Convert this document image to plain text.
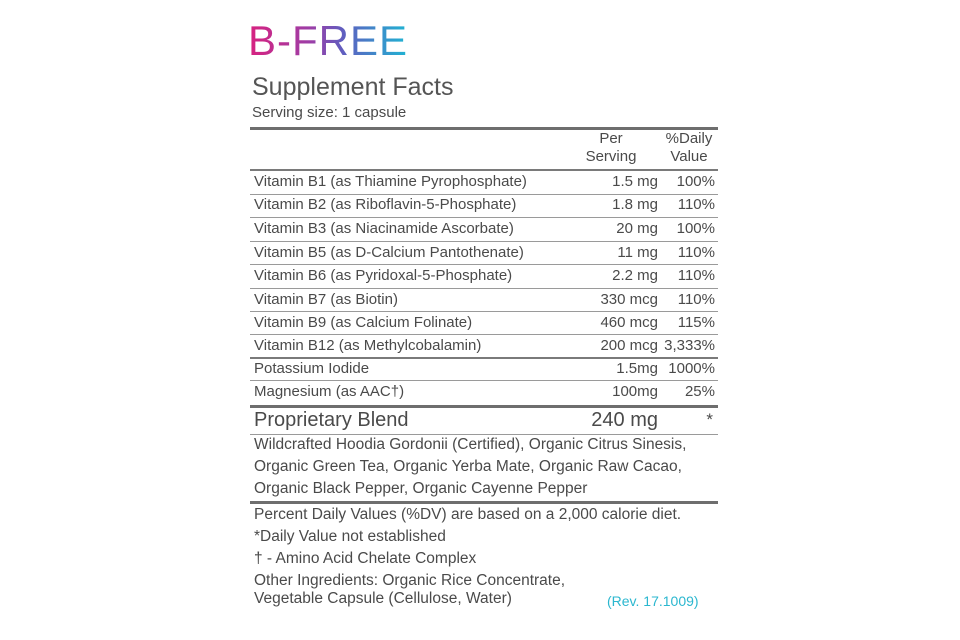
B-FREE
Supplement Facts
Serving size: 1 capsule
Per
Serving
%Daily
Value
Vitamin B1 (as Thiamine Pyrophosphate)	1.5 mg 100%
Vitamin B2 (as Riboflavin-5-Phosphate)	1.8 mg 110%
Vitamin B3 (as Niacinamide Ascorbate)	20 mg 100%
Vitamin B5 (as D-Calcium Pantothenate)	11 mg 110%
Vitamin B6 (as Pyridoxal-5-Phosphate)	2.2 mg 110%
Vitamin B7 (as Biotin)	330 mcg 110%
Vitamin B9 (as Calcium Folinate)	460 mcg 115%
Vitamin B12 (as Methylcobalamin)	200 mcg 3,333%
Potassium Iodide	1.5mg 1000%
Magnesium (as AAC†)	100mg 25%
Proprietary Blend	240 mg	*
Wildcrafted Hoodia Gordonii (Certified), Organic Citrus Sinesis, Organic Green Tea, Organic Yerba Mate, Organic Raw Cacao, Organic Black Pepper, Organic Cayenne Pepper
Percent Daily Values (%DV) are based on a 2,000 calorie diet.
*Daily Value not established
† - Amino Acid Chelate Complex
Other Ingredients: Organic Rice Concentrate,
Vegetable Capsule (Cellulose, Water)	(Rev. 17.1009)
